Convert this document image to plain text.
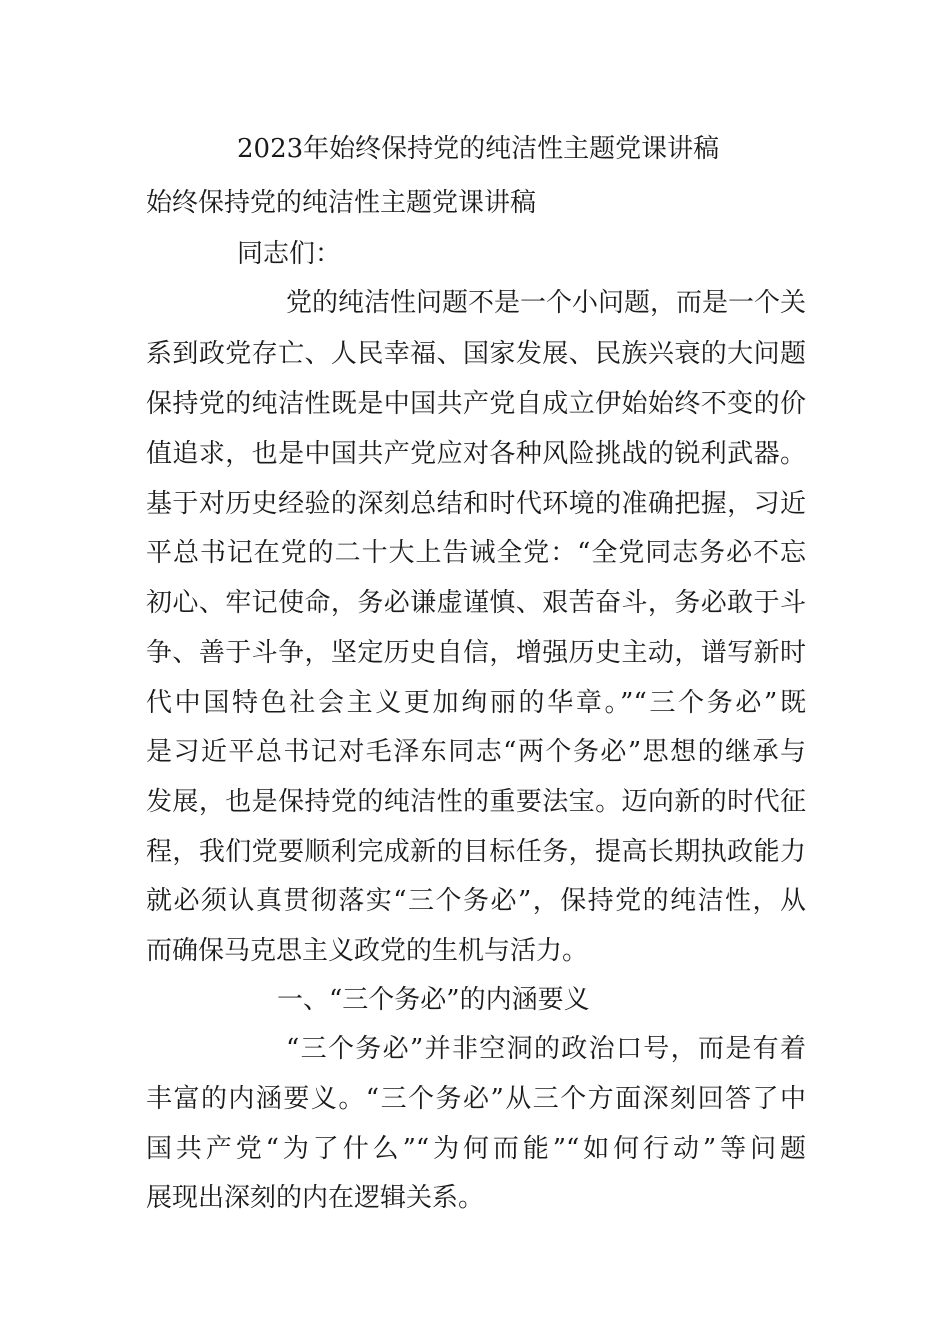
2023年始终保持党的纯洁性主题党课讲稿
始终保持党的纯洁性主题党课讲稿
同志们：
党的纯洁性问题不是一个小问题，而是一个关
系到政党存亡、人民幸福、国家发展、民族兴衰的大问题
保持党的纯洁性既是中国共产党自成立伊始始终不变的价
值追求，也是中国共产党应对各种风险挑战的锐利武器。
基于对历史经验的深刻总结和时代环境的准确把握，习近
平总书记在党的二十大上告诫全党：“全党同志务必不忘
初心、牢记使命，务必谦虚谨慎、艰苦奋斗，务必敢于斗
争、善于斗争，坚定历史自信，增强历史主动，谱写新时
代中国特色社会主义更加绚丽的华章。”“三个务必”既
是习近平总书记对毛泽东同志“两个务必”思想的继承与
发展，也是保持党的纯洁性的重要法宝。迈向新的时代征
程，我们党要顺利完成新的目标任务，提高长期执政能力
就必须认真贯彻落实“三个务必”，保持党的纯洁性，从
而确保马克思主义政党的生机与活力。
一、“三个务必”的内涵要义
“三个务必”并非空洞的政治口号，而是有着
丰富的内涵要义。“三个务必”从三个方面深刻回答了中
国共产党“为了什么”“为何而能”“如何行动”等问题
展现出深刻的内在逻辑关系。
